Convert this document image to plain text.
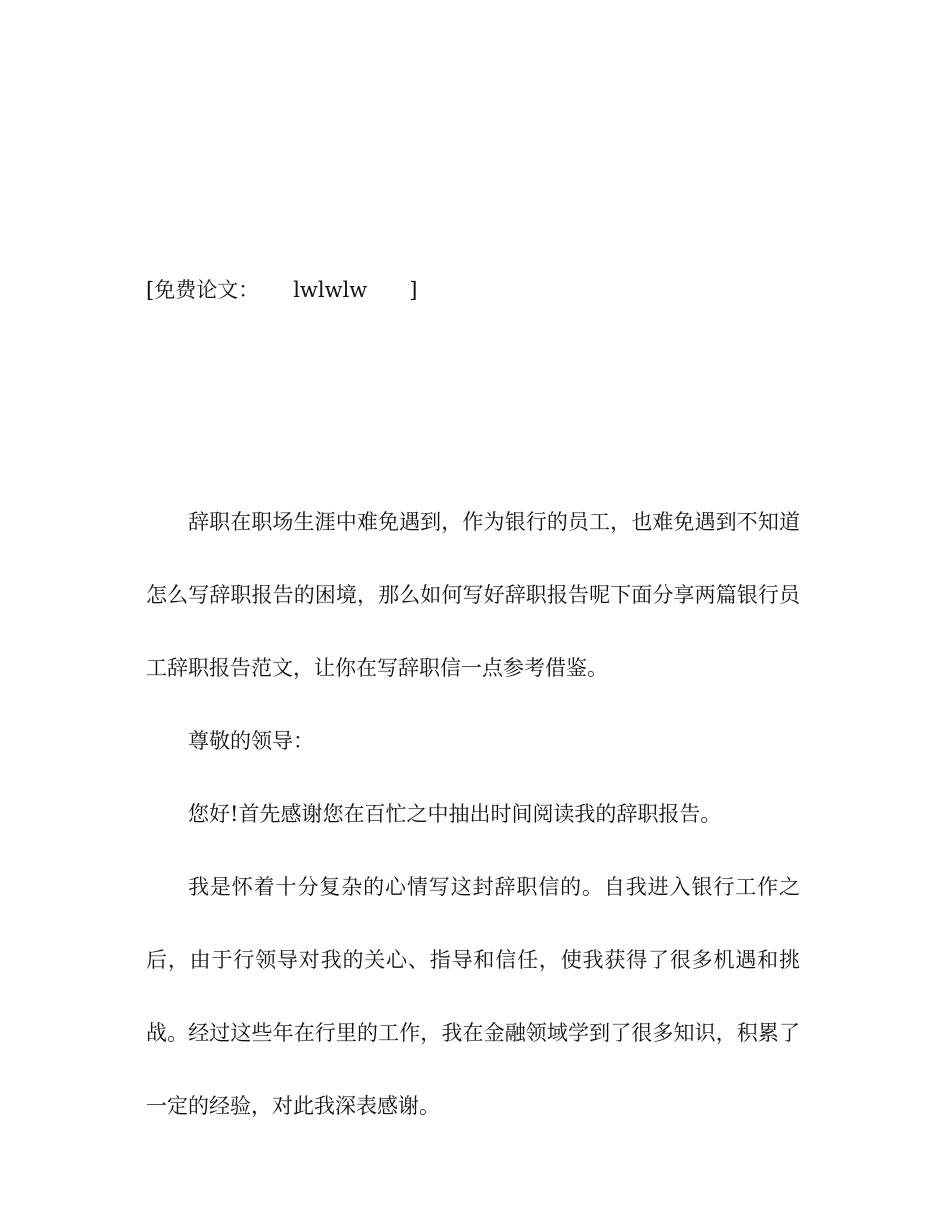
[免费论文： lwlwlw ]

辞职在职场生涯中难免遇到，作为银行的员工，也难免遇到不知道怎么写辞职报告的困境，那么如何写好辞职报告呢下面分享两篇银行员工辞职报告范文，让你在写辞职信一点参考借鉴。

尊敬的领导：

您好!首先感谢您在百忙之中抽出时间阅读我的辞职报告。

我是怀着十分复杂的心情写这封辞职信的。自我进入银行工作之后，由于行领导对我的关心、指导和信任，使我获得了很多机遇和挑战。经过这些年在行里的工作，我在金融领域学到了很多知识，积累了一定的经验，对此我深表感谢。
